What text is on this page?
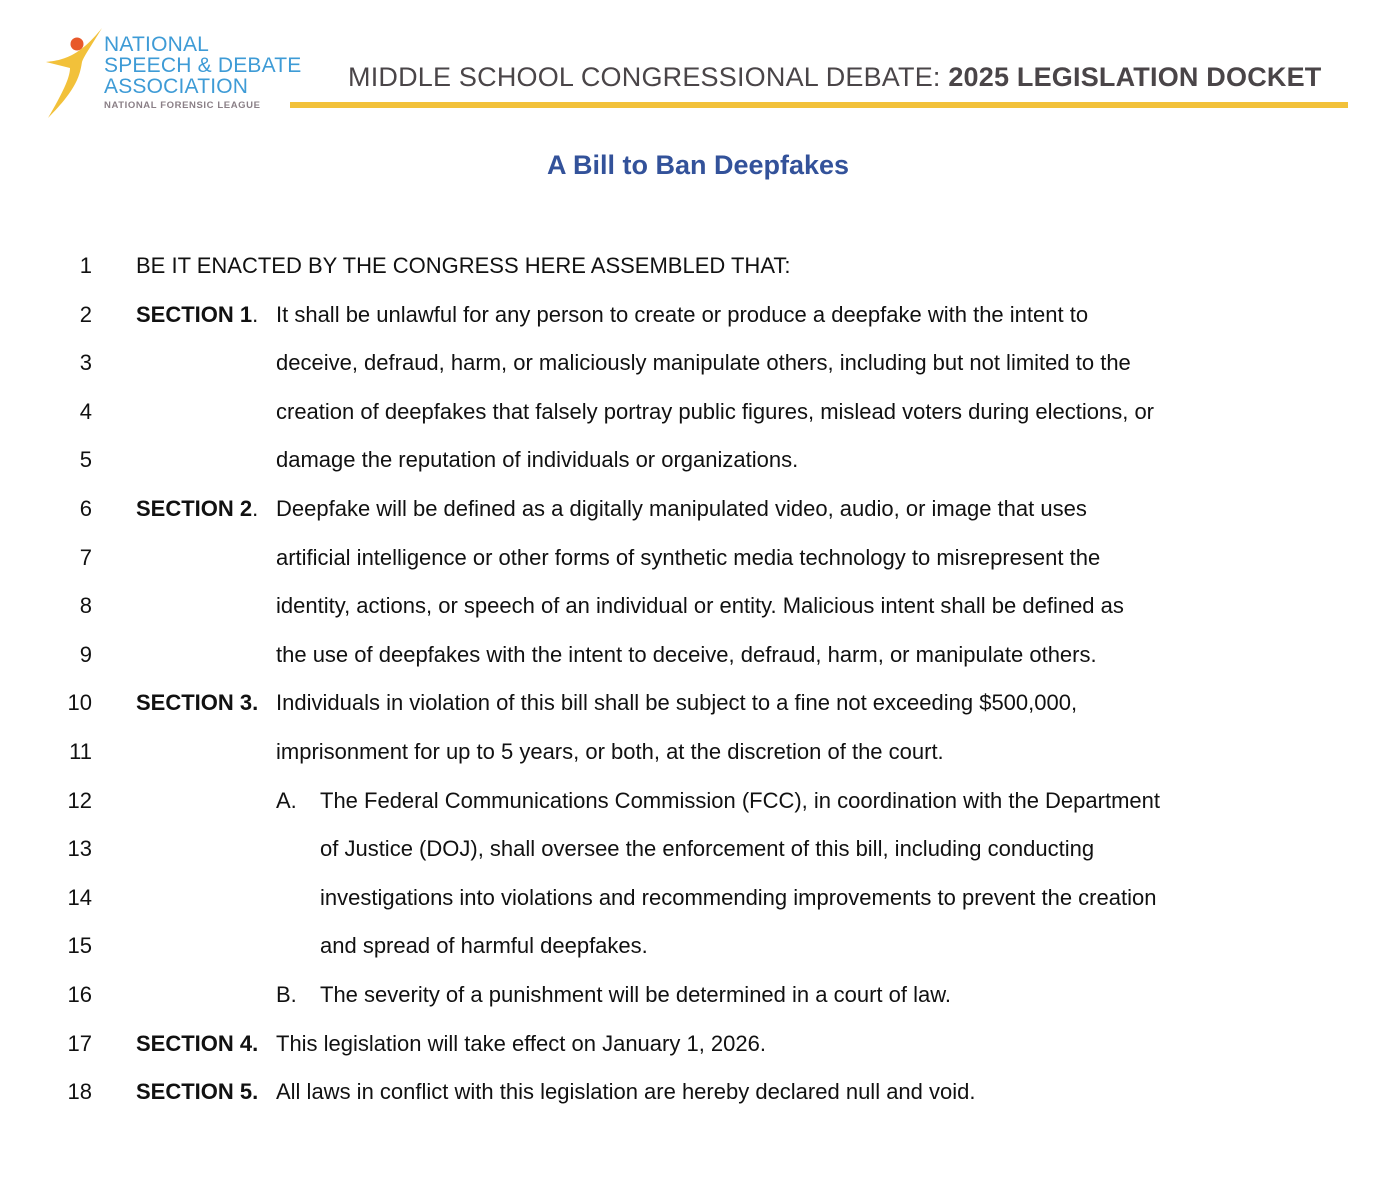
NATIONAL
SPEECH & DEBATE
ASSOCIATION
NATIONAL FORENSIC LEAGUE
MIDDLE SCHOOL CONGRESSIONAL DEBATE: 2025 LEGISLATION DOCKET
A Bill to Ban Deepfakes
1 BE IT ENACTED BY THE CONGRESS HERE ASSEMBLED THAT:
2 SECTION 1. It shall be unlawful for any person to create or produce a deepfake with the intent to
3	deceive, defraud, harm, or maliciously manipulate others, including but not limited to the
4	creation of deepfakes that falsely portray public figures, mislead voters during elections, or
5	damage the reputation of individuals or organizations.
6 SECTION 2. Deepfake will be defined as a digitally manipulated video, audio, or image that uses
7	artificial intelligence or other forms of synthetic media technology to misrepresent the
8	identity, actions, or speech of an individual or entity. Malicious intent shall be defined as
9	the use of deepfakes with the intent to deceive, defraud, harm, or manipulate others.
10 SECTION 3. Individuals in violation of this bill shall be subject to a fine not exceeding $500,000,
11	imprisonment for up to 5 years, or both, at the discretion of the court.
12	A. The Federal Communications Commission (FCC), in coordination with the Department
13	of Justice (DOJ), shall oversee the enforcement of this bill, including conducting
14	investigations into violations and recommending improvements to prevent the creation
15	and spread of harmful deepfakes.
16	B. The severity of a punishment will be determined in a court of law.
17 SECTION 4. This legislation will take effect on January 1, 2026.
18 SECTION 5. All laws in conflict with this legislation are hereby declared null and void.
